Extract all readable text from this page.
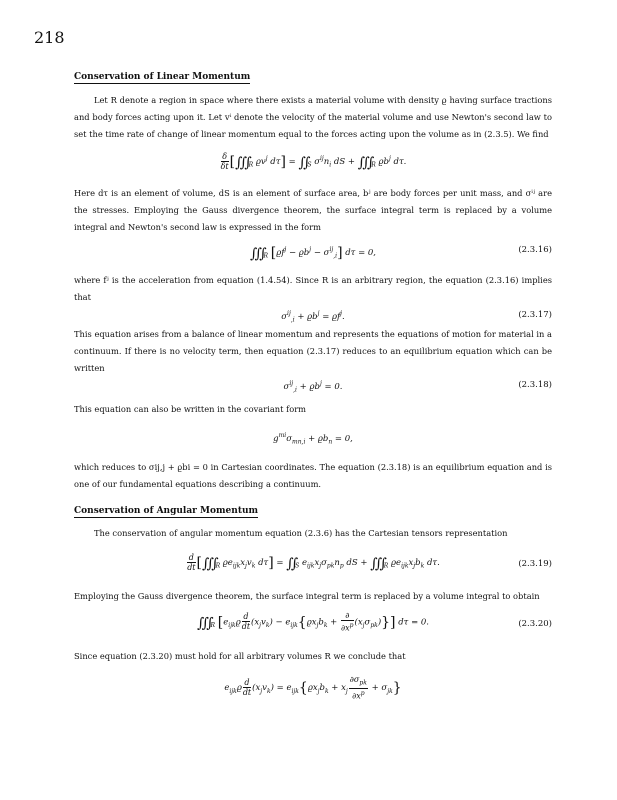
218
Conservation of Linear Momentum

Let R denote a region in space where there exists a material volume with density ϱ having surface tractions and body forces acting upon it. Let vⁱ denote the velocity of the material volume and use Newton's second law to set the time rate of change of linear momentum equal to the forces acting upon the volume as in (2.3.5). We find

$\frac{\delta}{\delta t}$ [$∭_R$ $ϱv^j$ $d\tau] = ∬_S$ $\sigma^{ij}n_i$ dS + $∭_R$ $ϱb^j$ dτ.

Here dτ is an element of volume, dS is an element of surface area, bʲ are body forces per unit mass, and σⁱʲ are the stresses. Employing the Gauss divergence theorem, the surface integral term is replaced by a volume integral and Newton's second law is expressed in the form

$∭_R$ $[ϱf^j - ϱb^j - \sigma^{ij}_{,i}] d\tau = 0$,	(2.3.16)

where fʲ is the acceleration from equation (1.4.54). Since R is an arbitrary region, the equation (2.3.16) implies that

$\sigma^{ij}_{,i} + ϱb^j = ϱf^j$.	(2.3.17)

This equation arises from a balance of linear momentum and represents the equations of motion for material in a continuum. If there is no velocity term, then equation (2.3.17) reduces to an equilibrium equation which can be written

$\sigma^{ij}_{,i} + ϱb^j = 0$.	(2.3.18)

This equation can also be written in the covariant form

$g^{mi}\sigma_{mn,i} + ϱb_n = 0$,

which reduces to σij,j + ϱbi = 0 in Cartesian coordinates. The equation (2.3.18) is an equilibrium equation and is one of our fundamental equations describing a continuum.

Conservation of Angular Momentum

The conservation of angular momentum equation (2.3.6) has the Cartesian tensors representation

$\frac{d}{dt}$ [$∭_R$ $ϱe_{ijk}x_jv_k$ $d\tau] = ∬_S$ $e_{ijk}x_j\sigma_{pk}n_p$ dS + $∭_R$ $ϱe_{ijk}x_jb_k$ dτ.	(2.3.19)

Employing the Gauss divergence theorem, the surface integral term is replaced by a volume integral to obtain

$∭_R$ $[e_{ijk}ϱ \frac{d}{dt} (x_jv_k) - e_{ijk}\{ϱx_jb_k + \frac{\partial}{\partial x^p} (x_j\sigma_{pk})\}] d\tau = 0$.	(2.3.20)

Since equation (2.3.20) must hold for all arbitrary volumes R we conclude that

$e_{ijk}ϱ \frac{d}{dt} (x_jv_k) = e_{ijk}\{ϱx_jb_k + x_j \frac{\partial\sigma_{pk}}{\partial x^p} + \sigma_{jk}\}$
